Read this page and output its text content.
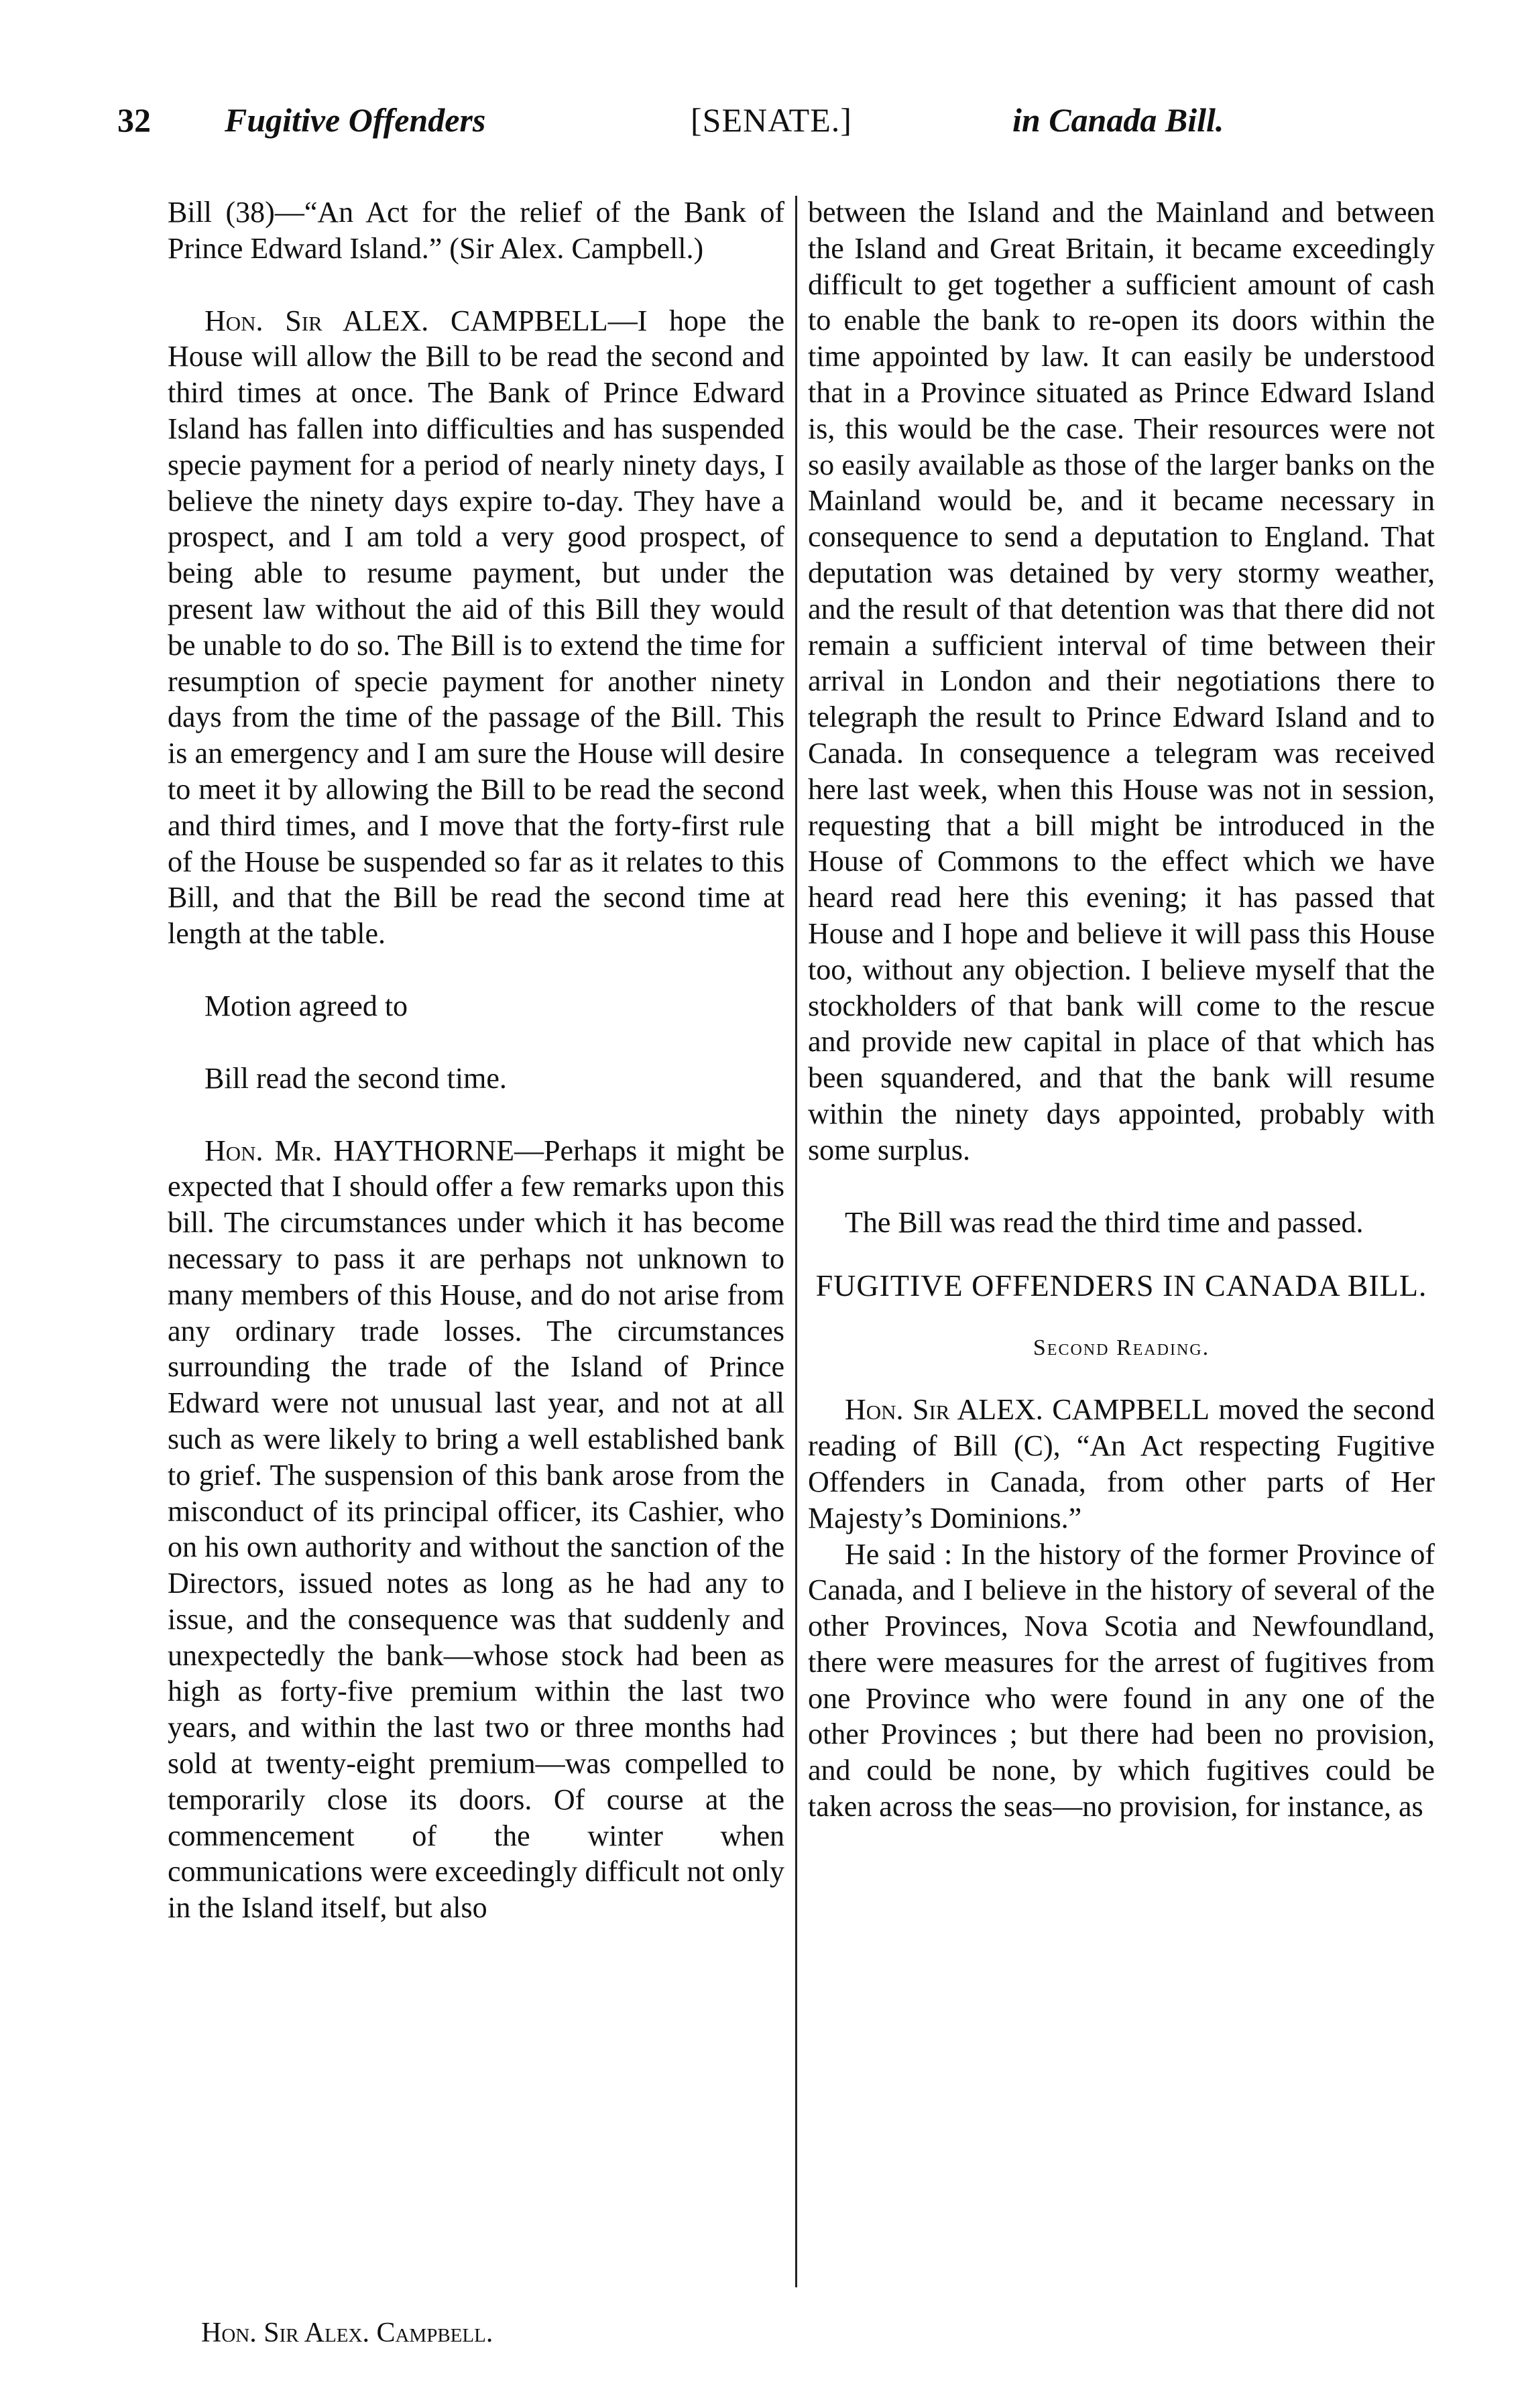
32 Fugitive Offenders	[SENATE.]	in Canada Bill.

Bill (38)—“An Act for the relief of the Bank of Prince Edward Island.” (Sir Alex. Campbell.)

Hon. Sir ALEX. CAMPBELL—I hope the House will allow the Bill to be read the second and third times at once. The Bank of Prince Edward Island has fallen into difficulties and has suspended specie payment for a period of nearly ninety days, I believe the ninety days expire to-day. They have a prospect, and I am told a very good prospect, of being able to resume payment, but under the present law without the aid of this Bill they would be unable to do so. The Bill is to extend the time for resumption of specie payment for another ninety days from the time of the passage of the Bill. This is an emergency and I am sure the House will desire to meet it by allowing the Bill to be read the second and third times, and I move that the forty-first rule of the House be suspended so far as it relates to this Bill, and that the Bill be read the second time at length at the table.

Motion agreed to

Bill read the second time.

Hon. Mr. HAYTHORNE—Perhaps it might be expected that I should offer a few remarks upon this bill. The circumstances under which it has become necessary to pass it are perhaps not unknown to many members of this House, and do not arise from any ordinary trade losses. The circumstances surrounding the trade of the Island of Prince Edward were not unusual last year, and not at all such as were likely to bring a well established bank to grief. The suspension of this bank arose from the misconduct of its principal officer, its Cashier, who on his own authority and without the sanction of the Directors, issued notes as long as he had any to issue, and the consequence was that suddenly and unexpectedly the bank—whose stock had been as high as forty-five premium within the last two years, and within the last two or three months had sold at twenty-eight premium—was compelled to temporarily close its doors. Of course at the commencement of the winter when communications were exceedingly difficult not only in the Island itself, but also

between the Island and the Mainland and between the Island and Great Britain, it became exceedingly difficult to get together a sufficient amount of cash to enable the bank to re-open its doors within the time appointed by law. It can easily be understood that in a Province situated as Prince Edward Island is, this would be the case. Their resources were not so easily available as those of the larger banks on the Mainland would be, and it became necessary in consequence to send a deputation to England. That deputation was detained by very stormy weather, and the result of that detention was that there did not remain a sufficient interval of time between their arrival in London and their negotiations there to telegraph the result to Prince Edward Island and to Canada. In consequence a telegram was received here last week, when this House was not in session, requesting that a bill might be introduced in the House of Commons to the effect which we have heard read here this evening; it has passed that House and I hope and believe it will pass this House too, without any objection. I believe myself that the stockholders of that bank will come to the rescue and provide new capital in place of that which has been squandered, and that the bank will resume within the ninety days appointed, probably with some surplus.

The Bill was read the third time and passed.

FUGITIVE OFFENDERS IN CANADA BILL.

Second Reading.

Hon. Sir ALEX. CAMPBELL moved the second reading of Bill (C), “An Act respecting Fugitive Offenders in Canada, from other parts of Her Majesty’s Dominions.”

He said : In the history of the former Province of Canada, and I believe in the history of several of the other Provinces, Nova Scotia and Newfoundland, there were measures for the arrest of fugitives from one Province who were found in any one of the other Provinces ; but there had been no provision, and could be none, by which fugitives could be taken across the seas—no provision, for instance, as

Hon. Sir Alex. Campbell.
